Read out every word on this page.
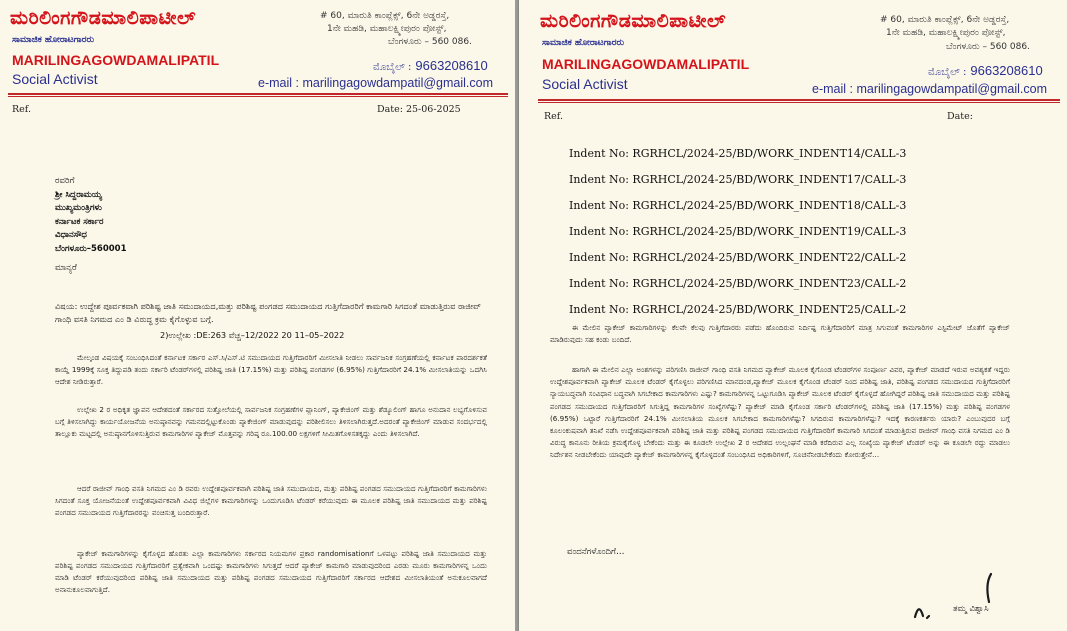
ಮರಿಲಿಂಗಗೌಡಮಾಲಿಪಾಟೀಲ್
ಸಾಮಾಜಿಕ ಹೋರಾಟಗಾರರು
MARILINGAGOWDAMALIPATIL
Social Activist
# 60, ಮಾರುತಿ ಕಾಂಪ್ಲೆಕ್ಸ್, 6ನೇ ಅಡ್ಡರಸ್ತೆ,
1ನೇ ಮಹಡಿ, ಮಹಾಲಕ್ಷ್ಮೀಪುರಂ ಪೋಸ್ಟ್,
ಬೆಂಗಳೂರು – 560 086.
ಮೊಬೈಲ್ : 9663208610
e-mail : marilingagowdampatil@gmail.com
Ref.	Date: 25-06-2025
ರವರಿಗೆ
ಶ್ರೀ ಸಿದ್ದರಾಮಯ್ಯ
ಮುಖ್ಯಮಂತ್ರಿಗಳು
ಕರ್ನಾಟಕ ಸರ್ಕಾರ
ವಿಧಾನಸೌಧ
ಬೆಂಗಳೂರು–560001
ಮಾನ್ಯರೆ
ವಿಷಯ: ಉದ್ದೇಶ ಪೂರ್ವಕವಾಗಿ ಪರಿಶಿಷ್ಟ ಜಾತಿ ಸಮುದಾಯದ,ಮತ್ತು ಪರಿಶಿಷ್ಟ ಪಂಗಡದ ಸಮುದಾಯದ ಗುತ್ತಿಗೆದಾರರಿಗೆ ಕಾಮಗಾರಿ ಸಿಗದಂತೆ ಮಾಡುತ್ತಿರುವ ರಾಜೀವ್ ಗಾಂಧಿ ವಸತಿ ನಿಗಮದ ಎಂ ಡಿ ವಿರುದ್ಧ ಕ್ರಮ ಕೈಗೊಳ್ಳುವ ಬಗ್ಗೆ.
2)ಉಲ್ಲೇಖ :DE:263 ವೆಚ್ಚ–12/2022 20 11–05–2022
ಮೇಲ್ಕಂಡ ವಿಷಯಕ್ಕೆ ಸಂಬಂಧಿಸಿದಂತೆ ಕರ್ನಾಟಕ ಸರ್ಕಾರ ಎಸ್.ಸಿ/ಎಸ್.ಟಿ ಸಮುದಾಯದ ಗುತ್ತಿಗೆದಾರರಿಗೆ ಮೀಸಲಾತಿ ನೀಡಲು ಸಾರ್ವಜನಿಕ ಸಂಗ್ರಹಣೆಯಲ್ಲಿ ಕರ್ನಾಟಕ ಪಾರದರ್ಶಕತೆ ಕಾಯ್ದೆ 1999ಕ್ಕೆ ಸೂಕ್ತ ತಿದ್ದುಪಡಿ ತಂದು ಸರ್ಕಾರಿ ಟೆಂಡರ್‌ಗಳಲ್ಲಿ ಪರಿಶಿಷ್ಟ ಜಾತಿ (17.15%) ಮತ್ತು ಪರಿಶಿಷ್ಟ ಪಂಗಡಗಳ (6.95%) ಗುತ್ತಿಗೆದಾರರಿಗೆ 24.1% ಮೀಸಲಾತಿಯನ್ನು ಒದಗಿಸಿ ಆದೇಶ ನೀಡಿರುತ್ತಾರೆ.
ಉಲ್ಲೇಖ 2 ರ ಅಧಿಕೃತ ಜ್ಞಾಪನ ಆದೇಶದಂತೆ ಸರ್ಕಾರದ ಸುತ್ತೋಲೆಯಲ್ಲಿ ಸಾರ್ವಜನಿಕ ಸಂಗ್ರಹಣೆಗಳ ಪ್ಲಾನಿಂಗ್, ಪ್ಯಾಕೇಜಿಂಗ್ ಮತ್ತು ಶೆಡ್ಯೂಲಿಂಗ್ ಹಾಗೂ ಅನುದಾನ ಲಭ್ಯಗೊಳಿಸುವ ಬಗ್ಗೆ ತಿಳಿಸಲಾಗಿದ್ದು ಕಾರ್ಯಯೋಜನೆಯ ಅನುಷ್ಠಾನವನ್ನು ಗಮನದಲ್ಲಿಟ್ಟುಕೊಂಡು ಪ್ಯಾಕೇಜಿಂಗ್ ಮಾಡುವುದನ್ನು ಪರಿಶೀಲಿಸಲು ತಿಳಿಸಲಾಗಿರುತ್ತದೆ.ಅದರಂತೆ ಪ್ಯಾಕೇಜಿಂಗ್ ಮಾಡುವ ಸಂದರ್ಭದಲ್ಲಿ ತಾಲ್ಲೂಕು ಮಟ್ಟದಲ್ಲಿ ಅನುಷ್ಠಾನಗೊಳಿಸುತ್ತಿರುವ ಕಾಮಗಾರಿಗಳ ಪ್ಯಾಕೇಜ್ ಮೊತ್ತವನ್ನು ಗರಿಷ್ಠ ರೂ.100.00 ಲಕ್ಷಗಳಿಗೆ ಸೀಮಿತಗೊಳಿಸತಕ್ಕದ್ದು ಎಂದು ತಿಳಿಸಲಾಗಿದೆ.
ಆದರೆ ರಾಜೀವ್ ಗಾಂಧಿ ವಸತಿ ನಿಗಮದ ಎಂ ಡಿ ರವರು ಉದ್ದೇಶಪೂರ್ವಕವಾಗಿ ಪರಿಶಿಷ್ಟ ಜಾತಿ ಸಮುದಾಯದ, ಮತ್ತು ಪರಿಶಿಷ್ಟ ಪಂಗಡದ ಸಮುದಾಯದ ಗುತ್ತಿಗೆದಾರರಿಗೆ ಕಾಮಗಾರಿಗಳು ಸಿಗದಂತೆ ಸೂಕ್ತ ಯೋಜನೆಯಂತೆ ಉದ್ದೇಶಪೂರ್ವಕವಾಗಿ ವಿವಿಧ ಜಿಲ್ಲೆಗಳ ಕಾಮಗಾರಿಗಳನ್ನು ಒಂದುಗೂಡಿಸಿ ಟೆಂಡರ್ ಕರೆಯುವುದು ಈ ಮೂಲಕ ಪರಿಶಿಷ್ಟ ಜಾತಿ ಸಮುದಾಯದ ಮತ್ತು ಪರಿಶಿಷ್ಟ ಪಂಗಡದ ಸಮುದಾಯದ ಗುತ್ತಿಗೆದಾರರನ್ನು ವಂಚಿಸುತ್ತ ಬಂದಿರುತ್ತಾರೆ.
ಪ್ಯಾಕೇಜ್ ಕಾಮಗಾರಿಗಳನ್ನು ಕೈಗೊಳ್ಳದ ಹೊರತು ಎಲ್ಲಾ ಕಾಮಗಾರಿಗಳು ಸರ್ಕಾರದ ನಿಯಮಗಳ ಪ್ರಕಾರ randomisationಗೆ ಒಳಪಟ್ಟು ಪರಿಶಿಷ್ಟ ಜಾತಿ ಸಮುದಾಯದ ಮತ್ತು ಪರಿಶಿಷ್ಟ ಪಂಗಡದ ಸಮುದಾಯದ ಗುತ್ತಿಗೆದಾರರಿಗೆ ಪ್ರತ್ಯೇಕವಾಗಿ ಒಂದಷ್ಟು ಕಾಮಗಾರಿಗಳು ಸಿಗುತ್ತದೆ ಆದರೆ ಪ್ಯಾಕೇಜ್ ಕಾಮಗಾರಿ ಮಾಡುವುದರಿಂದ ಎರಡು ಮೂರು ಕಾಮಗಾರಿಗಳನ್ನ ಒಂದು ಮಾಡಿ ಟೆಂಡರ್ ಕರೆಯುವುದರಿಂದ ಪರಿಶಿಷ್ಟ ಜಾತಿ ಸಮುದಾಯದ ಮತ್ತು ಪರಿಶಿಷ್ಟ ಪಂಗಡದ ಸಮುದಾಯದ ಗುತ್ತಿಗೆದಾರರಿಗೆ ಸರ್ಕಾರದ ಆದೇಶದ ಮೀಸಲಾತಿಯಂತೆ ಅನುಕೂಲವಾಗದೆ ಅನಾನುಕೂಲವಾಗುತ್ತಿದೆ.
ಮರಿಲಿಂಗಗೌಡಮಾಲಿಪಾಟೀಲ್
ಸಾಮಾಜಿಕ ಹೋರಾಟಗಾರರು
MARILINGAGOWDAMALIPATIL
Social Activist
# 60, ಮಾರುತಿ ಕಾಂಪ್ಲೆಕ್ಸ್, 6ನೇ ಅಡ್ಡರಸ್ತೆ,
1ನೇ ಮಹಡಿ, ಮಹಾಲಕ್ಷ್ಮೀಪುರಂ ಪೋಸ್ಟ್,
ಬೆಂಗಳೂರು – 560 086.
ಮೊಬೈಲ್ : 9663208610
e-mail : marilingagowdampatil@gmail.com
Ref.	Date:
Indent No: RGRHCL/2024-25/BD/WORK_INDENT14/CALL-3
Indent No: RGRHCL/2024-25/BD/WORK_INDENT17/CALL-3
Indent No: RGRHCL/2024-25/BD/WORK_INDENT18/CALL-3
Indent No: RGRHCL/2024-25/BD/WORK_INDENT19/CALL-3
Indent No: RGRHCL/2024-25/BD/WORK_INDENT22/CALL-2
Indent No: RGRHCL/2024-25/BD/WORK_INDENT23/CALL-2
Indent No: RGRHCL/2024-25/BD/WORK_INDENT25/CALL-2
ಈ ಮೇಲಿನ ಪ್ಯಾಕೇಜ್ ಕಾಮಗಾರಿಗಳನ್ನು ಕೆಲವೇ ಕೆಲವು ಗುತ್ತಿಗೆದಾರರು ಪಡೆದು ಹೊಂದಿರುವ ನಿರ್ದಿಷ್ಟ ಗುತ್ತಿಗೆದಾರರಿಗೆ ಮಾತ್ರ ಸಿಗುವಂತೆ ಕಾಮಗಾರಿಗಳ ಎಸ್ಟಿಮೇಟ್ ಜೊತೆಗೆ ಪ್ಯಾಕೇಜ್ ಮಾಡಿರುವುದು ಸಹ ಕಂಡು ಬಂದಿದೆ.
ಹಾಗಾಗಿ ಈ ಮೇಲಿನ ಎಲ್ಲಾ ಅಂಶಗಳನ್ನು ಪರಿಗಣಿಸಿ ರಾಜೀವ್ ಗಾಂಧಿ ವಸತಿ ನಿಗಮದ ಪ್ಯಾಕೇಜ್ ಮೂಲಕ ಕೈಗೊಂಡ ಟೆಂಡರ್‌ಗಳ ಸಂಪೂರ್ಣ ವಿವರ, ಪ್ಯಾಕೇಜ್ ಮಾಡದೆ ಇರುವ ಅವಶ್ಯಕತೆ ಇದ್ದರು ಉದ್ದೇಶಪೂರ್ವಕವಾಗಿ ಪ್ಯಾಕೇಜ್ ಮೂಲಕ ಟೆಂಡರ್ ಕೈಗೊಳ್ಳಲು ಪರಿಗಣಿಸಿದ ಮಾನದಂಡ,ಪ್ಯಾಕೇಜ್ ಮೂಲಕ ಕೈಗೊಂಡ ಟೆಂಡರ್ ನಿಂದ ಪರಿಶಿಷ್ಟ ಜಾತಿ, ಪರಿಶಿಷ್ಟ ಪಂಗಡದ ಸಮುದಾಯದ ಗುತ್ತಿಗೆದಾರರಿಗೆ ನ್ಯಾಯಬದ್ಧವಾಗಿ ಸಂವಿಧಾನ ಬದ್ಧವಾಗಿ ಸಿಗಬೇಕಾದ ಕಾಮಗಾರಿಗಳು ಎಷ್ಟು? ಕಾಮಗಾರಿಗಳನ್ನ ಒಟ್ಟುಗೂಡಿಸಿ ಪ್ಯಾಕೇಜ್ ಮೂಲಕ ಟೆಂಡರ್ ಕೈಗೊಳ್ಳದೆ ಹೋಗಿದ್ದರೆ ಪರಿಶಿಷ್ಟ ಜಾತಿ ಸಮುದಾಯದ ಮತ್ತು ಪರಿಶಿಷ್ಟ ಪಂಗಡದ ಸಮುದಾಯದ ಗುತ್ತಿಗೆದಾರರಿಗೆ ಸಿಗುತ್ತಿದ್ದ ಕಾಮಗಾರಿಗಳ ಸಂಖ್ಯೆಗಳೆಷ್ಟು? ಪ್ಯಾಕೇಜ್ ಮಾಡಿ ಕೈಗೊಂಡ ಸರ್ಕಾರಿ ಟೆಂಡರ್‌ಗಳಲ್ಲಿ ಪರಿಶಿಷ್ಟ ಜಾತಿ (17.15%) ಮತ್ತು ಪರಿಶಿಷ್ಟ ಪಂಗಡಗಳ (6.95%) ಒಟ್ಟಾರೆ ಗುತ್ತಿಗೆದಾರರಿಗೆ 24.1% ಮೀಸಲಾತಿಯ ಮೂಲಕ ಸಿಗಬೇಕಾದ ಕಾಮಗಾರಿಗಳೆಷ್ಟು? ಸಿಗದಿರುವ ಕಾಮಗಾರಿಗಳೆಷ್ಟು? ಇದಕ್ಕೆ ಕಾರಣಕರ್ತರು ಯಾರು? ಎಂಬುವುದರ ಬಗ್ಗೆ ಕೂಲಂಕುಷವಾಗಿ ತನಿಖೆ ನಡೆಸಿ ಉದ್ದೇಶಪೂರ್ವಕವಾಗಿ ಪರಿಶಿಷ್ಟ ಜಾತಿ ಮತ್ತು ಪರಿಶಿಷ್ಟ ಪಂಗಡದ ಸಮುದಾಯದ ಗುತ್ತಿಗೆದಾರರಿಗೆ ಕಾಮಗಾರಿ ಸಿಗದಂತೆ ಮಾಡುತ್ತಿರುವ ರಾಜೀವ್ ಗಾಂಧಿ ವಸತಿ ನಿಗಮದ ಎಂ ಡಿ ವಿರುದ್ಧ ಕಾನೂನು ರೀತಿಯ ಕ್ರಮಕೈಗೊಳ್ಳ ಬೇಕೆಂದು ಮತ್ತು ಈ ಕೂಡಲೇ ಉಲ್ಲೇಖ 2 ರ ಆದೇಶದ ಉಲ್ಲಂಘನೆ ಮಾಡಿ ಕರೆದಿರುವ ಎಲ್ಲ ಸಂಖ್ಯೆಯ ಪ್ಯಾಕೇಜ್ ಟೆಂಡರ್ ಅನ್ನು ಈ ಕೂಡಲೇ ರದ್ದು ಮಾಡಲು ನಿರ್ದೇಶನ ನೀಡಬೇಕೆಂದು ಯಾವುದೇ ಪ್ಯಾಕೇಜ್ ಕಾಮಗಾರಿಗಳನ್ನ ಕೈಗೊಳ್ಳದಂತೆ ಸಂಬಂಧಿಸಿದ ಅಧಿಕಾರಿಗಳಿಗೆ, ಸೂಚನೆನೀಡಬೇಕೆಂದು ಕೋರುತ್ತೇನೆ…
ವಂದನೆಗಳೊಂದಿಗೆ…
ತಮ್ಮ ವಿಶ್ವಾಸಿ
